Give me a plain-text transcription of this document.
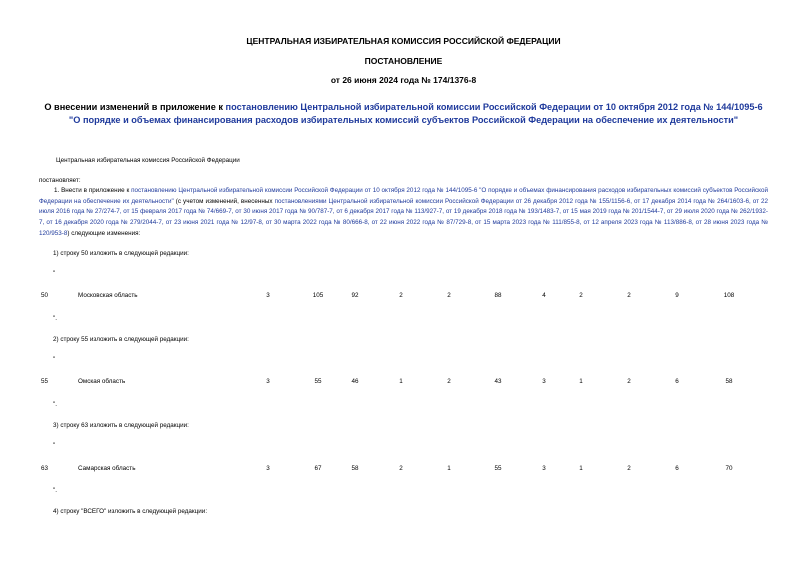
ЦЕНТРАЛЬНАЯ ИЗБИРАТЕЛЬНАЯ КОМИССИЯ РОССИЙСКОЙ ФЕДЕРАЦИИ
ПОСТАНОВЛЕНИЕ
от 26 июня 2024 года № 174/1376-8
О внесении изменений в приложение к постановлению Центральной избирательной комиссии Российской Федерации от 10 октября 2012 года № 144/1095-6 "О порядке и объемах финансирования расходов избирательных комиссий субъектов Российской Федерации на обеспечение их деятельности"
Центральная избирательная комиссия Российской Федерации
постановляет:
1. Внести в приложение к постановлению Центральной избирательной комиссии Российской Федерации от 10 октября 2012 года № 144/1095-6 "О порядке и объемах финансирования расходов избирательных комиссий субъектов Российской Федерации на обеспечение их деятельности" (с учетом изменений, внесенных постановлениями Центральной избирательной комиссии Российской Федерации от 26 декабря 2012 года № 155/1156-6, от 17 декабря 2014 года № 264/1603-6, от 22 июля 2016 года № 27/274-7, от 15 февраля 2017 года № 74/669-7, от 30 июня 2017 года № 90/787-7, от 6 декабря 2017 года № 113/927-7, от 19 декабря 2018 года № 193/1483-7, от 15 мая 2019 года № 201/1544-7, от 29 июля 2020 года № 262/1932-7, от 16 декабря 2020 года № 279/2044-7, от 23 июня 2021 года № 12/97-8, от 30 марта 2022 года № 80/666-8, от 22 июня 2022 года № 87/729-8, от 15 марта 2023 года № 111/855-8, от 12 апреля 2023 года № 113/886-8, от 28 июня 2023 года № 120/953-8) следующие изменения:
1) строку 50 изложить в следующей редакции:
"
50	Московская область	3	105	92	2	2	88	4	2	2	9	108
".
2) строку 55 изложить в следующей редакции:
"
55	Омская область	3	55	46	1	2	43	3	1	2	6	58
".
3) строку 63 изложить в следующей редакции:
"
63	Самарская область	3	67	58	2	1	55	3	1	2	6	70
".
4) строку "ВСЕГО" изложить в следующей редакции:
